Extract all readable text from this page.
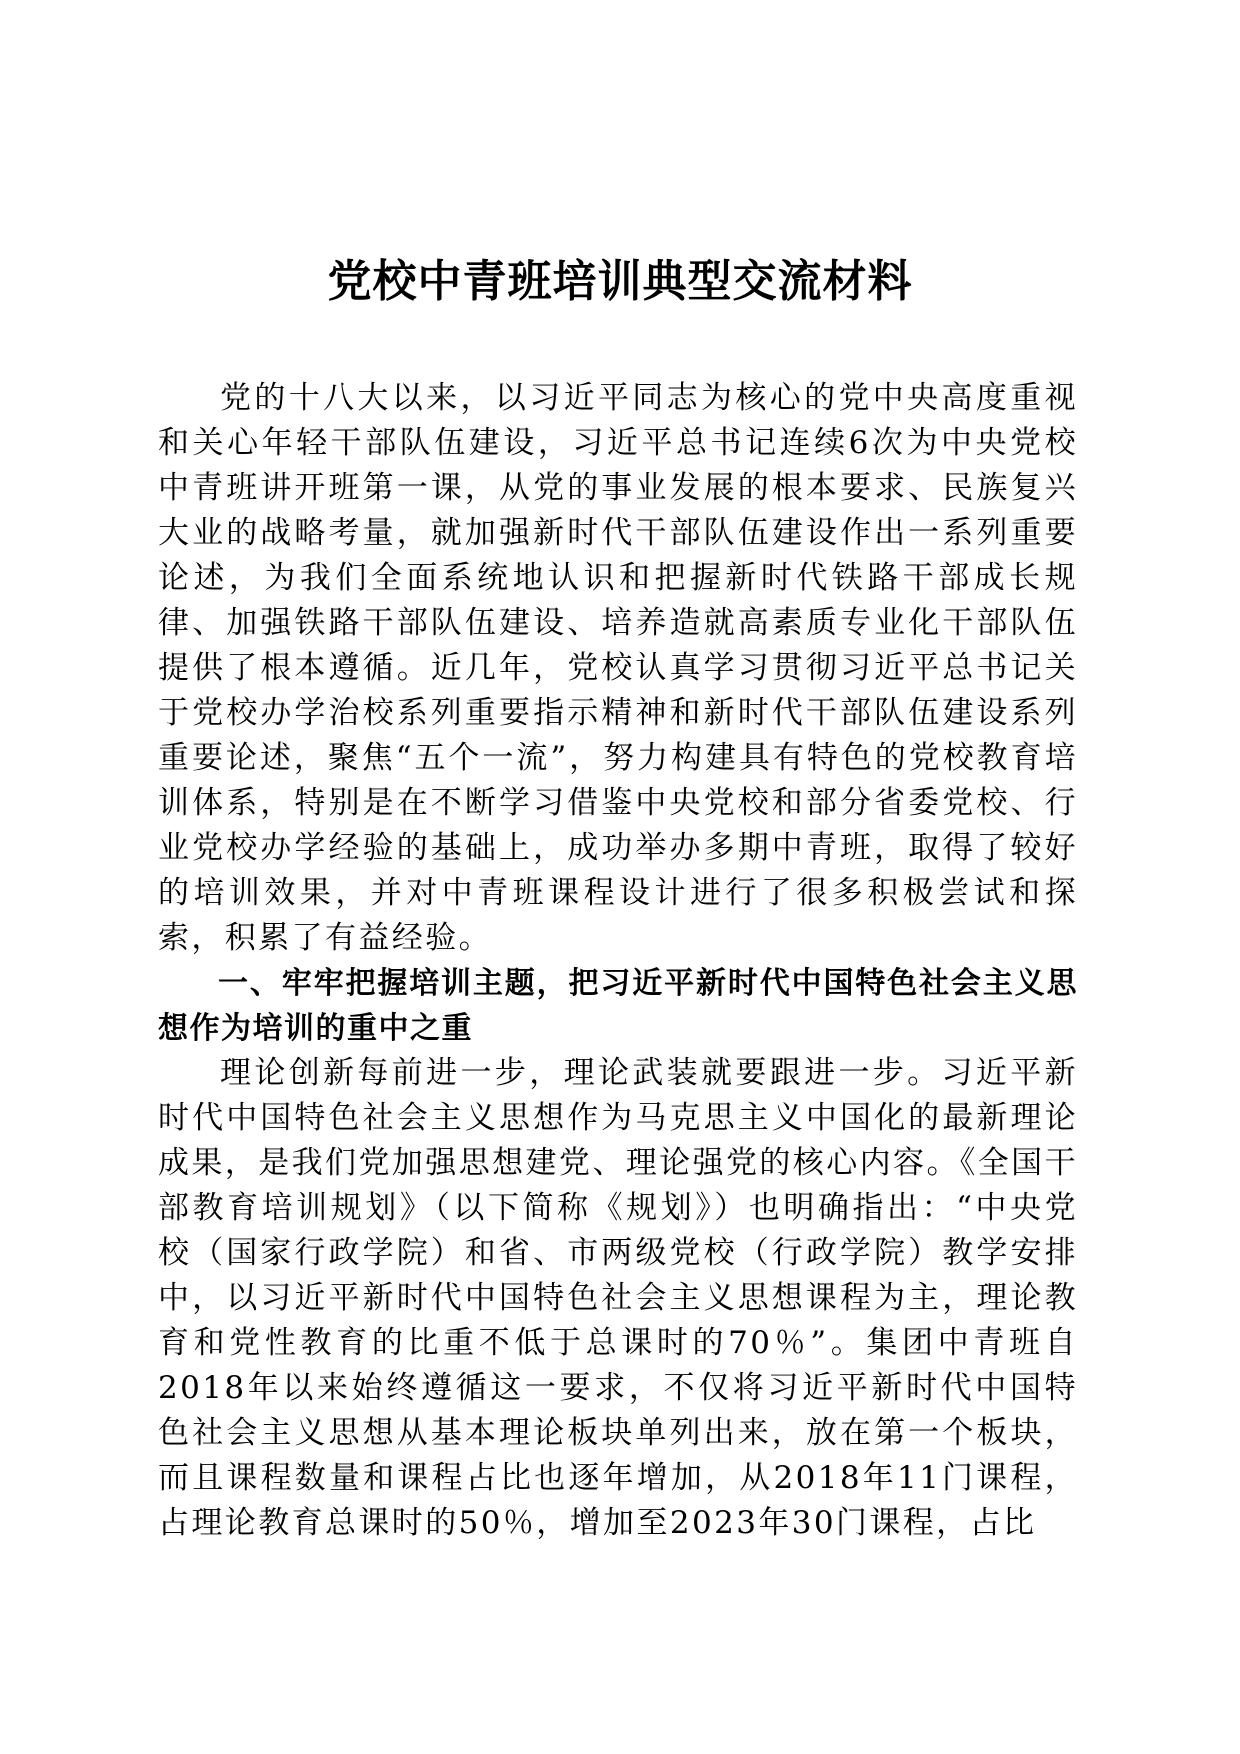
党校中青班培训典型交流材料

党的十八大以来，以习近平同志为核心的党中央高度重视和关心年轻干部队伍建设，习近平总书记连续6次为中央党校中青班讲开班第一课，从党的事业发展的根本要求、民族复兴大业的战略考量，就加强新时代干部队伍建设作出一系列重要论述，为我们全面系统地认识和把握新时代铁路干部成长规律、加强铁路干部队伍建设、培养造就高素质专业化干部队伍提供了根本遵循。近几年，党校认真学习贯彻习近平总书记关于党校办学治校系列重要指示精神和新时代干部队伍建设系列重要论述，聚焦“五个一流”，努力构建具有特色的党校教育培训体系，特别是在不断学习借鉴中央党校和部分省委党校、行业党校办学经验的基础上，成功举办多期中青班，取得了较好的培训效果，并对中青班课程设计进行了很多积极尝试和探索，积累了有益经验。

一、牢牢把握培训主题，把习近平新时代中国特色社会主义思想作为培训的重中之重

理论创新每前进一步，理论武装就要跟进一步。习近平新时代中国特色社会主义思想作为马克思主义中国化的最新理论成果，是我们党加强思想建党、理论强党的核心内容。《全国干部教育培训规划》（以下简称《规划》）也明确指出：“中央党校（国家行政学院）和省、市两级党校（行政学院）教学安排中，以习近平新时代中国特色社会主义思想课程为主，理论教育和党性教育的比重不低于总课时的70％”。集团中青班自2018年以来始终遵循这一要求，不仅将习近平新时代中国特色社会主义思想从基本理论板块单列出来，放在第一个板块，而且课程数量和课程占比也逐年增加，从2018年11门课程，占理论教育总课时的50％，增加至2023年30门课程，占比
